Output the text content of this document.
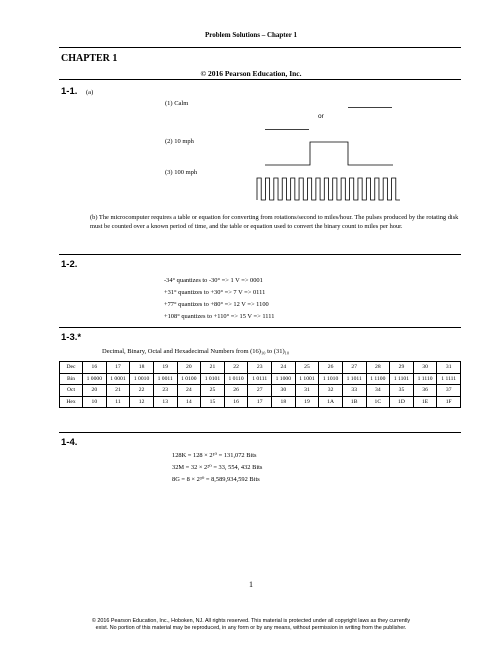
Problem Solutions – Chapter 1
CHAPTER 1
© 2016 Pearson Education, Inc.
1-1. (a)
(1) Calm
or
(2) 10 mph
(3) 100 mph
(b) The microcomputer requires a table or equation for converting from rotations/second to miles/hour. The pulses produced by the rotating disk must be counted over a known period of time, and the table or equation used to convert the binary count to miles per hour.
1-2.
-34° quantizes to -30° => 1 V => 0001
+31° quantizes to +30° => 7 V => 0111
+77° quantizes to +80° => 12 V => 1100
+108° quantizes to +110° => 15 V => 1111
1-3.*
Decimal, Binary, Octal and Hexadecimal Numbers from (16)₁₀ to (31)₁₀
Dec	16	17	18	19	20	21	22	23	24	25	26	27	28	29	30	31
Bin	1 0000	1 0001	1 0010	1 0011	1 0100	1 0101	1 0110	1 0111	1 1000	1 1001	1 1010	1 1011	1 1100	1 1101	1 1110	1 1111
Oct	20	21	22	23	24	25	26	27	30	31	32	33	34	35	36	37
Hex	10	11	12	13	14	15	16	17	18	19	1A	1B	1C	1D	1E	1F
1-4.
128K = 128 × 2¹⁰ = 131,072 Bits
32M = 32 × 2²⁰ = 33, 554, 432 Bits
8G = 8 × 2³⁰ = 8,589,934,592 Bits
1
© 2016 Pearson Education, Inc., Hoboken, NJ. All rights reserved. This material is protected under all copyright laws as they currently
exist. No portion of this material may be reproduced, in any form or by any means, without permission in writing from the publisher.
